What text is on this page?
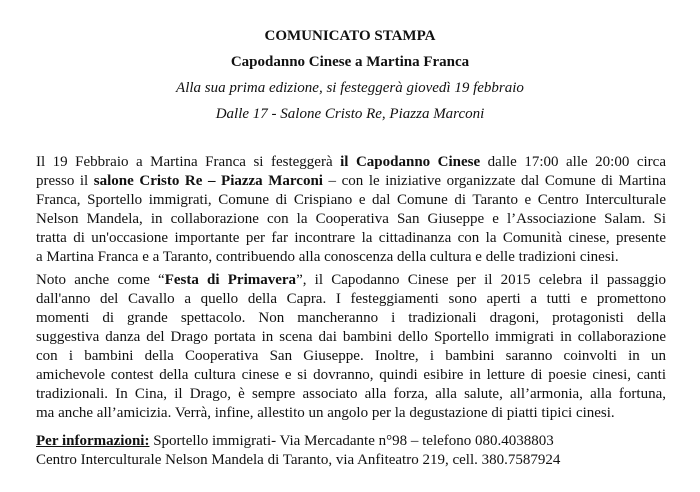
COMUNICATO STAMPA
Capodanno Cinese a Martina Franca
Alla sua prima edizione, si festeggerà giovedì 19 febbraio
Dalle 17 - Salone Cristo Re, Piazza Marconi
Il 19 Febbraio a Martina Franca si festeggerà il Capodanno Cinese dalle 17:00 alle 20:00 circa
presso il salone Cristo Re – Piazza Marconi – con le iniziative organizzate dal Comune di Martina
Franca, Sportello immigrati, Comune di Crispiano e dal Comune di Taranto e Centro Interculturale
Nelson Mandela, in collaborazione con la Cooperativa San Giuseppe e l’Associazione Salam. Si
tratta di un'occasione importante per far incontrare la cittadinanza con la Comunità cinese, presente
a Martina Franca e a Taranto, contribuendo alla conoscenza della cultura e delle tradizioni cinesi.
Noto anche come “Festa di Primavera”, il Capodanno Cinese per il 2015 celebra il passaggio
dall'anno del Cavallo a quello della Capra. I festeggiamenti sono aperti a tutti e promettono
momenti di grande spettacolo. Non mancheranno i tradizionali dragoni, protagonisti della
suggestiva danza del Drago portata in scena dai bambini dello Sportello immigrati in collaborazione
con i bambini della Cooperativa San Giuseppe. Inoltre, i bambini saranno coinvolti in un
amichevole contest della cultura cinese e si dovranno, quindi esibire in letture di poesie cinesi, canti
tradizionali. In Cina, il Drago, è sempre associato alla forza, alla salute, all’armonia, alla fortuna,
ma anche all’amicizia. Verrà, infine, allestito un angolo per la degustazione di piatti tipici cinesi.
Per informazioni: Sportello immigrati- Via Mercadante n°98 – telefono 080.4038803
Centro Interculturale Nelson Mandela di Taranto, via Anfiteatro 219, cell. 380.7587924
